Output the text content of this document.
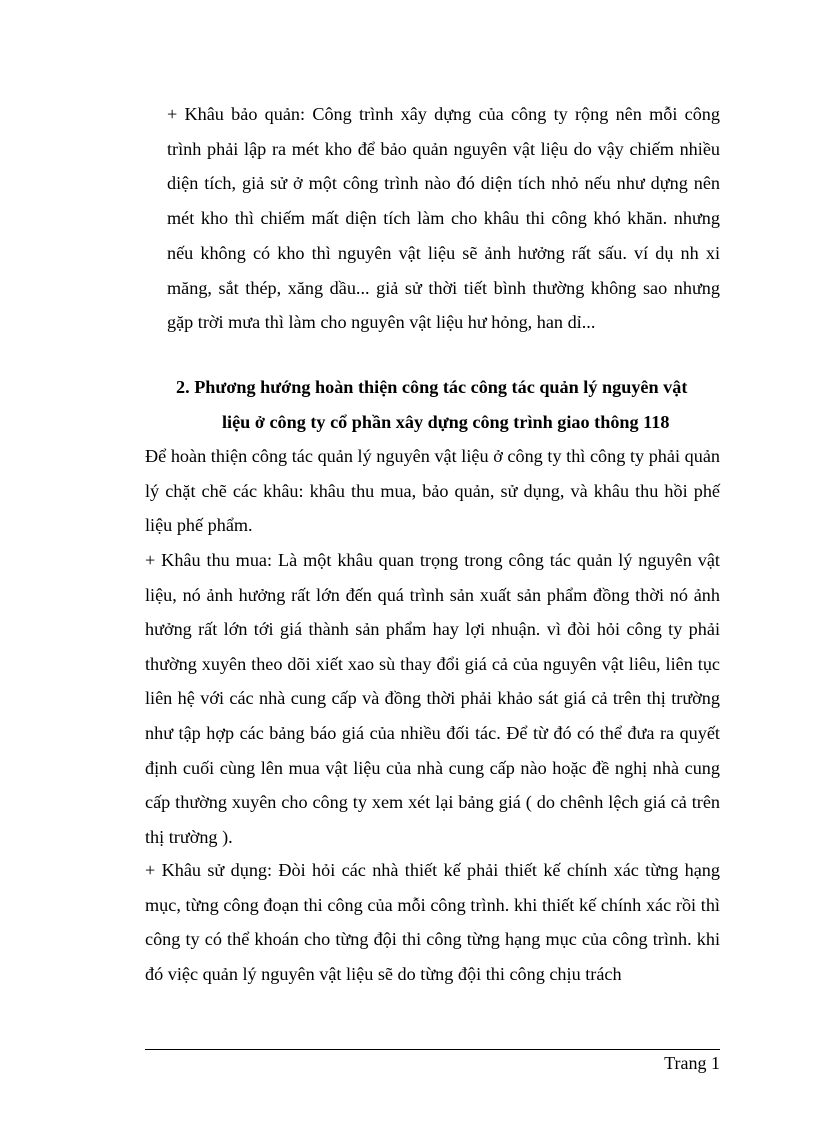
+ Khâu bảo quản: Công trình xây dựng của công ty rộng nên mỗi công trình phải lập ra mét kho để bảo quản nguyên vật liệu do vậy chiếm nhiều diện tích, giả sử ở một công trình nào đó diện tích nhỏ nếu như dựng nên mét kho thì chiếm mất diện tích làm cho khâu thi công khó khăn. nhưng nếu không có kho thì nguyên vật liệu sẽ ảnh hưởng rất sấu. ví dụ nh xi măng, sắt thép, xăng dầu... giả sử thời tiết bình thường không sao nhưng gặp trời mưa thì làm cho nguyên vật liệu hư hỏng, han dỉ...

2. Phương hướng hoàn thiện công tác công tác quản lý nguyên vật

liệu ở công ty cổ phần xây dựng công trình giao thông 118

Để hoàn thiện công tác quản lý nguyên vật liệu ở công ty thì công ty phải quản lý chặt chẽ các khâu: khâu thu mua, bảo quản, sử dụng, và khâu thu hồi phế liệu phế phẩm.

+ Khâu thu mua: Là một khâu quan trọng trong công tác quản lý nguyên vật liệu, nó ảnh hưởng rất lớn đến quá trình sản xuất sản phẩm đồng thời nó ảnh hưởng rất lớn tới giá thành sản phẩm hay lợi nhuận. vì đòi hỏi công ty phải thường xuyên theo dõi xiết xao sù thay đổi giá cả của nguyên vật liêu, liên tục liên hệ với các nhà cung cấp và đồng thời phải khảo sát giá cả trên thị trường như tập hợp các bảng báo giá của nhiều đối tác. Để từ đó có thể đưa ra quyết định cuối cùng lên mua vật liệu của nhà cung cấp nào hoặc đề nghị nhà cung cấp thường xuyên cho công ty xem xét lại bảng giá ( do chênh lệch giá cả trên thị trường ).

+ Khâu sử dụng: Đòi hỏi các nhà thiết kế phải thiết kế chính xác từng hạng mục, từng công đoạn thi công của mỗi công trình. khi thiết kế chính xác rồi thì công ty có thể khoán cho từng đội thi công từng hạng mục của công trình. khi đó việc quản lý nguyên vật liệu sẽ do từng đội thi công chịu trách

Trang 1
